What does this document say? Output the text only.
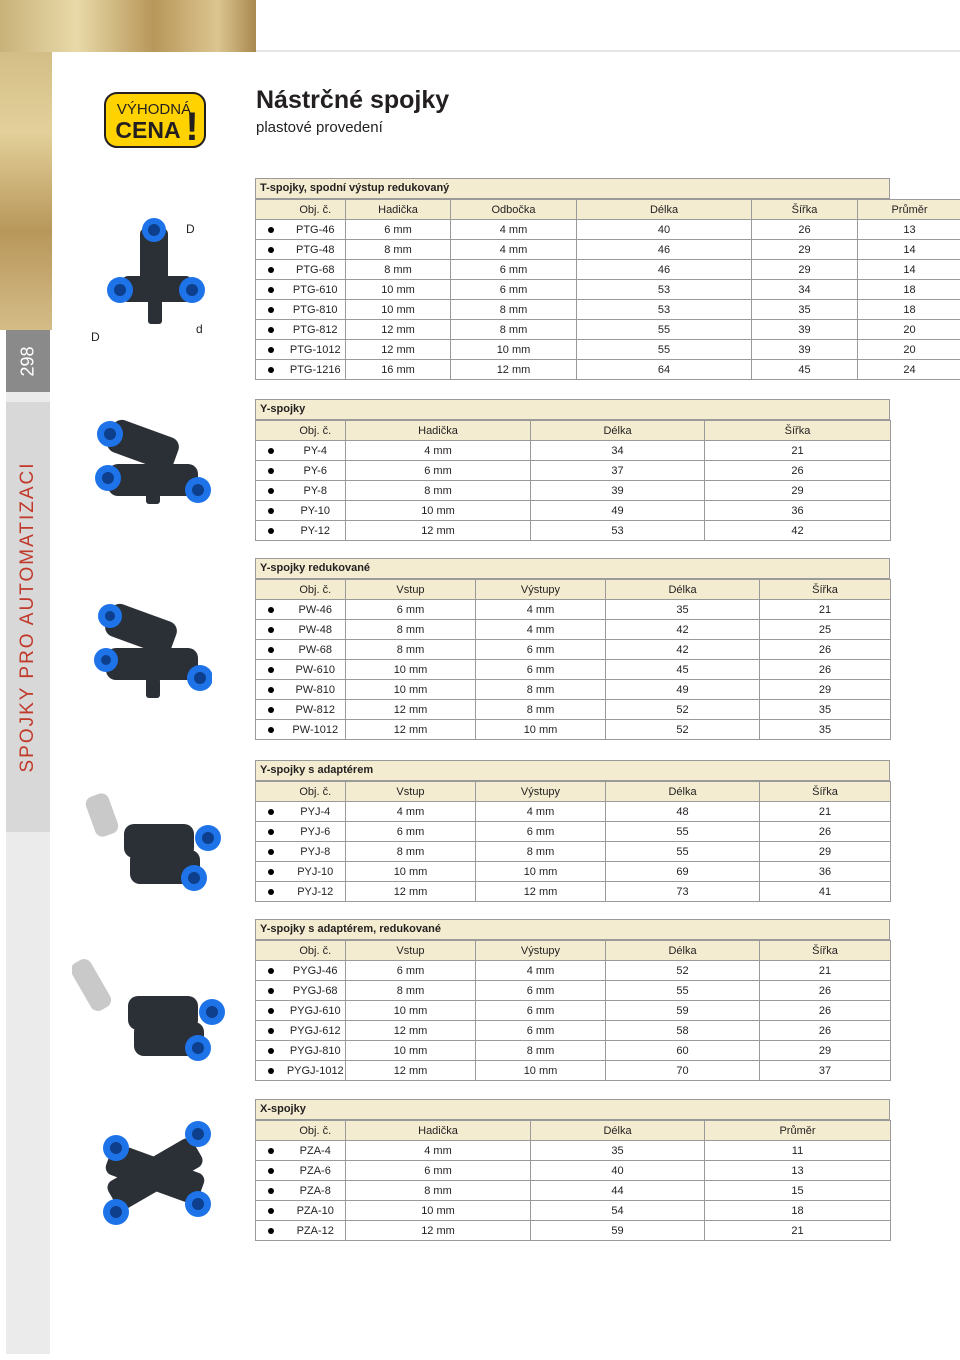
298
SPOJKY PRO AUTOMATIZACI
VÝHODNÁ
CENA !
Nástrčné spojky
plastové provedení
D
D
d
T-spojky, spodní výstup redukovaný
	Obj. č.	Hadička	Odbočka	Délka	Šířka	Průměr
	PTG-46	6 mm	4 mm	40	26	13
	PTG-48	8 mm	4 mm	46	29	14
	PTG-68	8 mm	6 mm	46	29	14
	PTG-610	10 mm	6 mm	53	34	18
	PTG-810	10 mm	8 mm	53	35	18
	PTG-812	12 mm	8 mm	55	39	20
	PTG-1012	12 mm	10 mm	55	39	20
	PTG-1216	16 mm	12 mm	64	45	24
Y-spojky
	Obj. č.	Hadička	Délka	Šířka
	PY-4	4 mm	34	21
	PY-6	6 mm	37	26
	PY-8	8 mm	39	29
	PY-10	10 mm	49	36
	PY-12	12 mm	53	42
Y-spojky redukované
	Obj. č.	Vstup	Výstupy	Délka	Šířka
	PW-46	6 mm	4 mm	35	21
	PW-48	8 mm	4 mm	42	25
	PW-68	8 mm	6 mm	42	26
	PW-610	10 mm	6 mm	45	26
	PW-810	10 mm	8 mm	49	29
	PW-812	12 mm	8 mm	52	35
	PW-1012	12 mm	10 mm	52	35
Y-spojky s adaptérem
	Obj. č.	Vstup	Výstupy	Délka	Šířka
	PYJ-4	4 mm	4 mm	48	21
	PYJ-6	6 mm	6 mm	55	26
	PYJ-8	8 mm	8 mm	55	29
	PYJ-10	10 mm	10 mm	69	36
	PYJ-12	12 mm	12 mm	73	41
Y-spojky s adaptérem, redukované
	Obj. č.	Vstup	Výstupy	Délka	Šířka
	PYGJ-46	6 mm	4 mm	52	21
	PYGJ-68	8 mm	6 mm	55	26
	PYGJ-610	10 mm	6 mm	59	26
	PYGJ-612	12 mm	6 mm	58	26
	PYGJ-810	10 mm	8 mm	60	29
	PYGJ-1012	12 mm	10 mm	70	37
X-spojky
	Obj. č.	Hadička	Délka	Průměr
	PZA-4	4 mm	35	11
	PZA-6	6 mm	40	13
	PZA-8	8 mm	44	15
	PZA-10	10 mm	54	18
	PZA-12	12 mm	59	21
